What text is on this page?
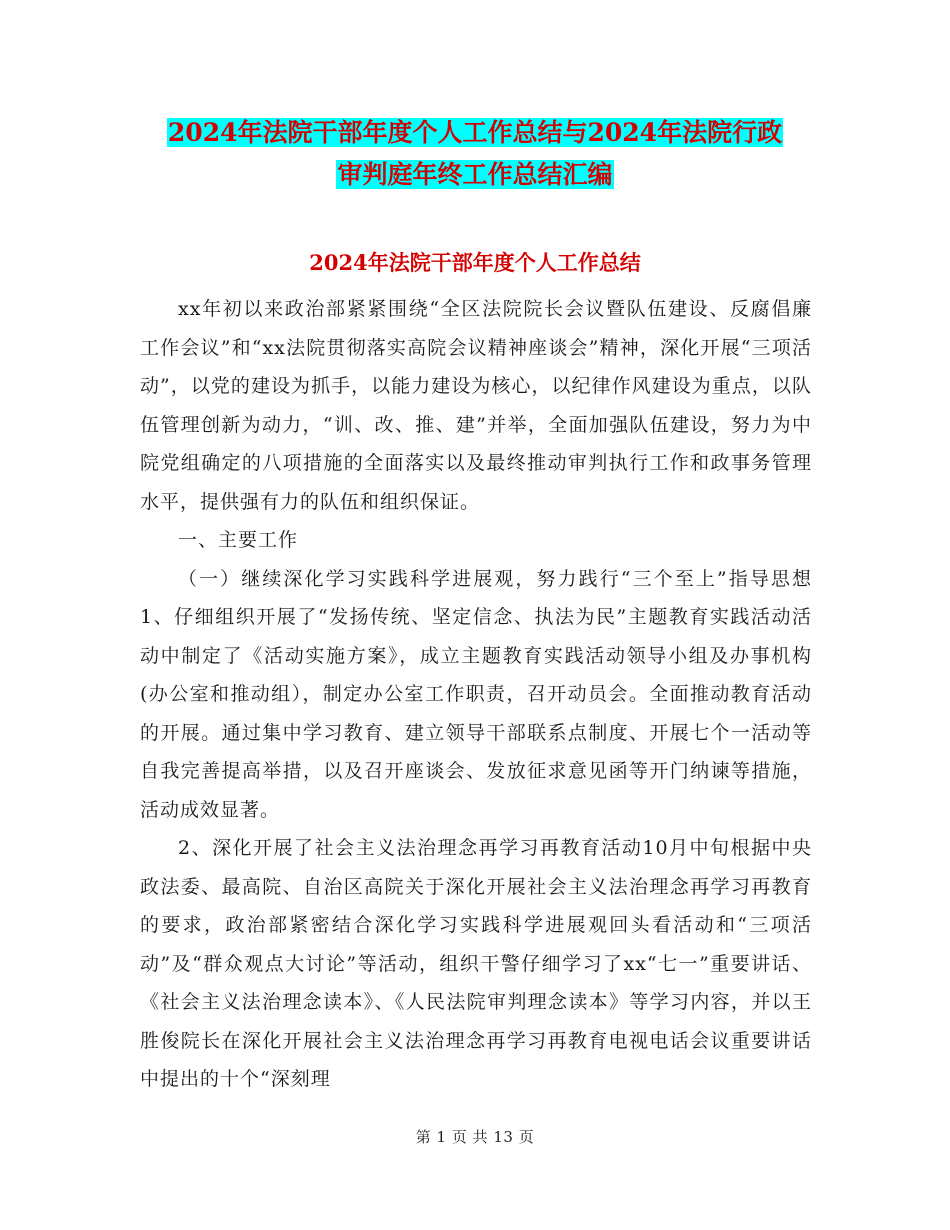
2024年法院干部年度个人工作总结与2024年法院行政
审判庭年终工作总结汇编
2024年法院干部年度个人工作总结

xx年初以来政治部紧紧围绕“全区法院院长会议暨队伍建设、反腐倡廉工作会议”和“xx法院贯彻落实高院会议精神座谈会”精神，深化开展“三项活动”，以党的建设为抓手，以能力建设为核心，以纪律作风建设为重点，以队伍管理创新为动力，“训、改、推、建”并举，全面加强队伍建设，努力为中院党组确定的八项措施的全面落实以及最终推动审判执行工作和政事务管理水平，提供强有力的队伍和组织保证。

一、主要工作

（一）继续深化学习实践科学进展观，努力践行“三个至上”指导思想1、仔细组织开展了“发扬传统、坚定信念、执法为民”主题教育实践活动活动中制定了《活动实施方案》，成立主题教育实践活动领导小组及办事机构(办公室和推动组），制定办公室工作职责，召开动员会。全面推动教育活动的开展。通过集中学习教育、建立领导干部联系点制度、开展七个一活动等自我完善提高举措，以及召开座谈会、发放征求意见函等开门纳谏等措施，活动成效显著。

2、深化开展了社会主义法治理念再学习再教育活动10月中旬根据中央政法委、最高院、自治区高院关于深化开展社会主义法治理念再学习再教育的要求，政治部紧密结合深化学习实践科学进展观回头看活动和“三项活动”及“群众观点大讨论”等活动，组织干警仔细学习了xx“七一”重要讲话、《社会主义法治理念读本》、《人民法院审判理念读本》等学习内容，并以王胜俊院长在深化开展社会主义法治理念再学习再教育电视电话会议重要讲话中提出的十个“深刻理

第 1 页 共 13 页
